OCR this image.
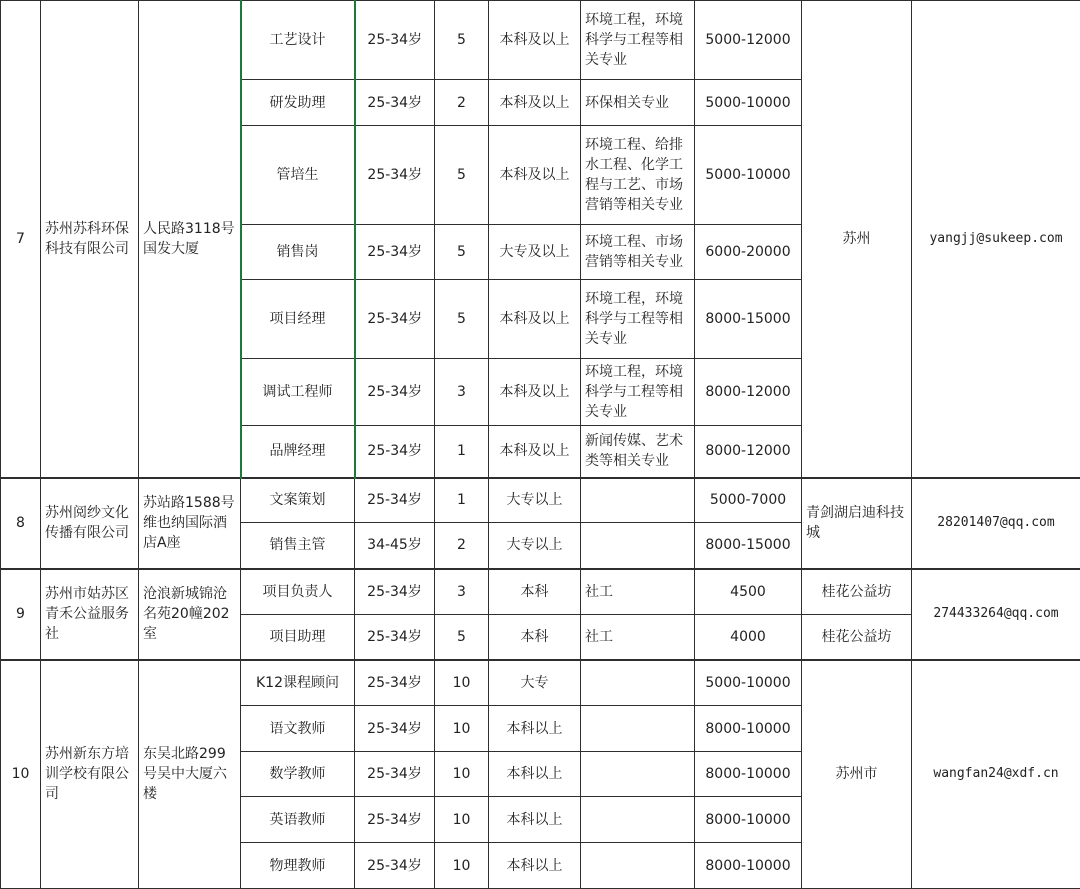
7	苏州苏科环保科技有限公司	人民路3118号国发大厦	工艺设计	25-34岁	5	本科及以上	环境工程，环境科学与工程等相关专业	5000-12000	苏州	yangjj@sukeep.com
			研发助理	25-34岁	2	本科及以上	环保相关专业	5000-10000		
			管培生	25-34岁	5	本科及以上	环境工程、给排水工程、化学工程与工艺、市场营销等相关专业	5000-10000		
			销售岗	25-34岁	5	大专及以上	环境工程、市场营销等相关专业	6000-20000		
			项目经理	25-34岁	5	本科及以上	环境工程，环境科学与工程等相关专业	8000-15000		
			调试工程师	25-34岁	3	本科及以上	环境工程，环境科学与工程等相关专业	8000-12000		
			品牌经理	25-34岁	1	本科及以上	新闻传媒、艺术类等相关专业	8000-12000		
8	苏州阅纱文化传播有限公司	苏站路1588号维也纳国际酒店A座	文案策划	25-34岁	1	大专以上		5000-7000	青剑湖启迪科技城	28201407@qq.com
			销售主管	34-45岁	2	大专以上		8000-15000		
9	苏州市姑苏区青禾公益服务社	沧浪新城锦沧名苑20幢202室	项目负责人	25-34岁	3	本科	社工	4500	桂花公益坊	274433264@qq.com
			项目助理	25-34岁	5	本科	社工	4000	桂花公益坊	
10	苏州新东方培训学校有限公司	东吴北路299号吴中大厦六楼	K12课程顾问	25-34岁	10	大专		5000-10000	苏州市	wangfan24@xdf.cn
			语文教师	25-34岁	10	本科以上		8000-10000		
			数学教师	25-34岁	10	本科以上		8000-10000		
			英语教师	25-34岁	10	本科以上		8000-10000		
			物理教师	25-34岁	10	本科以上		8000-10000		
